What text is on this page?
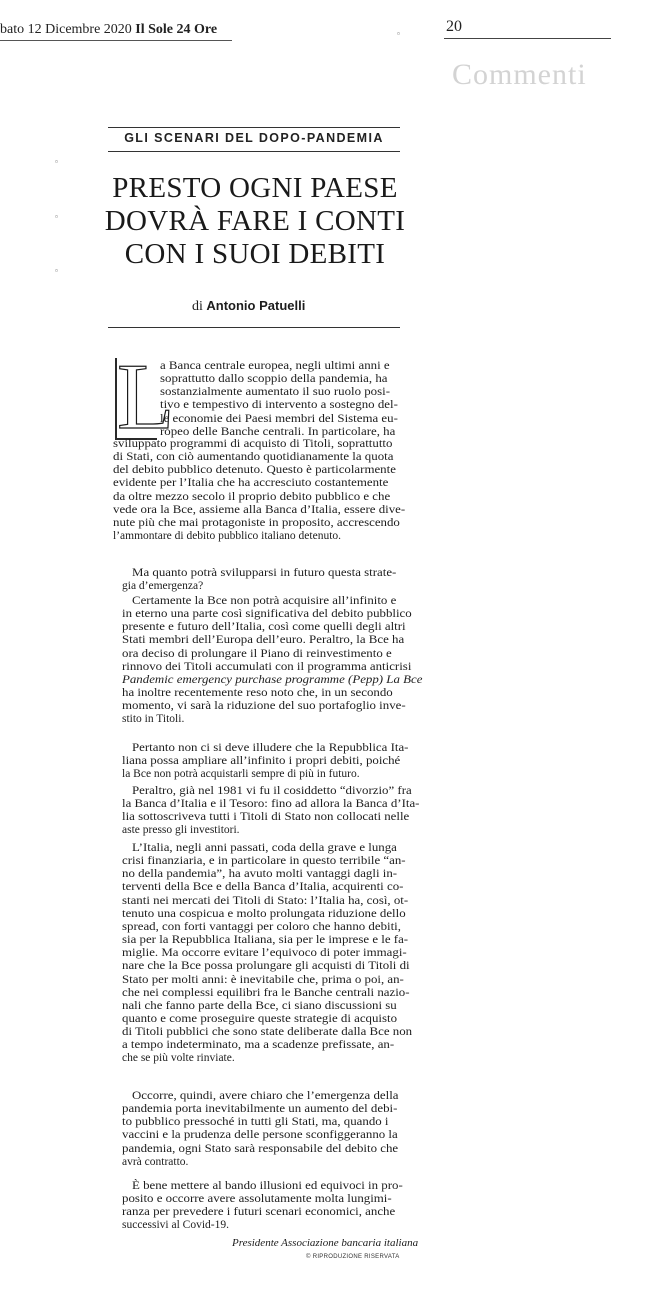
bato 12 Dicembre 2020 Il Sole 24 Ore	▫	20
Commenti
▫
▫
▫
GLI SCENARI DEL DOPO-PANDEMIA
PRESTO OGNI PAESE
DOVRÀ FARE I CONTI
CON I SUOI DEBITI
di Antonio Patuelli
L
a Banca centrale europea, negli ultimi anni e
soprattutto dallo scoppio della pandemia, ha
sostanzialmente aumentato il suo ruolo posi-
tivo e tempestivo di intervento a sostegno del-
le economie dei Paesi membri del Sistema eu-
ropeo delle Banche centrali. In particolare, ha
sviluppato programmi di acquisto di Titoli, soprattutto
di Stati, con ciò aumentando quotidianamente la quota
del debito pubblico detenuto. Questo è particolarmente
evidente per l’Italia che ha accresciuto costantemente
da oltre mezzo secolo il proprio debito pubblico e che
vede ora la Bce, assieme alla Banca d’Italia, essere dive-
nute più che mai protagoniste in proposito, accrescendo
l’ammontare di debito pubblico italiano detenuto.
Ma quanto potrà svilupparsi in futuro questa strate-
gia d’emergenza?
Certamente la Bce non potrà acquisire all’infinito e
in eterno una parte così significativa del debito pubblico
presente e futuro dell’Italia, così come quelli degli altri
Stati membri dell’Europa dell’euro. Peraltro, la Bce ha
ora deciso di prolungare il Piano di reinvestimento e
rinnovo dei Titoli accumulati con il programma anticrisi
Pandemic emergency purchase programme (Pepp) La Bce
ha inoltre recentemente reso noto che, in un secondo
momento, vi sarà la riduzione del suo portafoglio inve-
stito in Titoli.
Pertanto non ci si deve illudere che la Repubblica Ita-
liana possa ampliare all’infinito i propri debiti, poiché
la Bce non potrà acquistarli sempre di più in futuro.
Peraltro, già nel 1981 vi fu il cosiddetto “divorzio” fra
la Banca d’Italia e il Tesoro: fino ad allora la Banca d’Ita-
lia sottoscriveva tutti i Titoli di Stato non collocati nelle
aste presso gli investitori.
L’Italia, negli anni passati, coda della grave e lunga
crisi finanziaria, e in particolare in questo terribile “an-
no della pandemia”, ha avuto molti vantaggi dagli in-
terventi della Bce e della Banca d’Italia, acquirenti co-
stanti nei mercati dei Titoli di Stato: l’Italia ha, così, ot-
tenuto una cospicua e molto prolungata riduzione dello
spread, con forti vantaggi per coloro che hanno debiti,
sia per la Repubblica Italiana, sia per le imprese e le fa-
miglie. Ma occorre evitare l’equivoco di poter immagi-
nare che la Bce possa prolungare gli acquisti di Titoli di
Stato per molti anni: è inevitabile che, prima o poi, an-
che nei complessi equilibri fra le Banche centrali nazio-
nali che fanno parte della Bce, ci siano discussioni su
quanto e come proseguire queste strategie di acquisto
di Titoli pubblici che sono state deliberate dalla Bce non
a tempo indeterminato, ma a scadenze prefissate, an-
che se più volte rinviate.
Occorre, quindi, avere chiaro che l’emergenza della
pandemia porta inevitabilmente un aumento del debi-
to pubblico pressoché in tutti gli Stati, ma, quando i
vaccini e la prudenza delle persone sconfiggeranno la
pandemia, ogni Stato sarà responsabile del debito che
avrà contratto.
È bene mettere al bando illusioni ed equivoci in pro-
posito e occorre avere assolutamente molta lungimi-
ranza per prevedere i futuri scenari economici, anche
successivi al Covid-19.
Presidente Associazione bancaria italiana
© RIPRODUZIONE RISERVATA
